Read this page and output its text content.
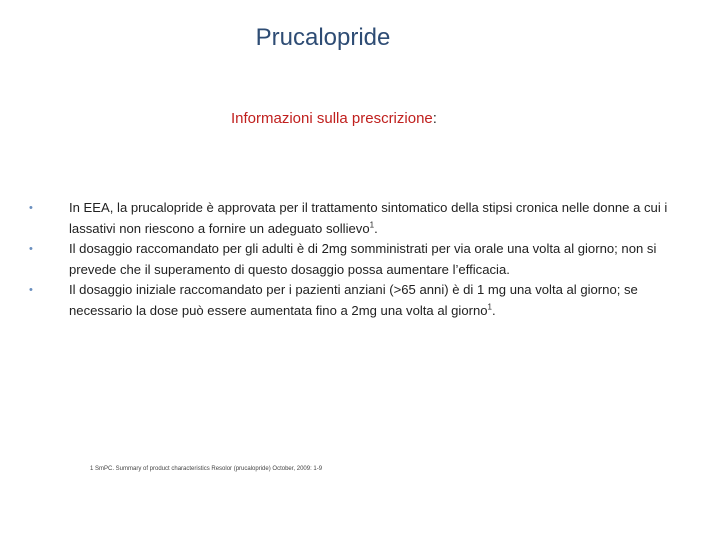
Prucalopride

Informazioni sulla prescrizione:

•	In EEA, la prucalopride è approvata per il trattamento sintomatico della stipsi cronica nelle donne a cui i lassativi non riescono a fornire un adeguato sollievo$^1$.
•	Il dosaggio raccomandato per gli adulti è di 2mg somministrati per via orale una volta al giorno; non si prevede che il superamento di questo dosaggio possa aumentare l’efficacia.
•	Il dosaggio iniziale raccomandato per i pazienti anziani (>65 anni) è di 1 mg una volta al giorno; se necessario la dose può essere aumentata fino a 2mg una volta al giorno$^1$.

1 SmPC. Summary of product characteristics Resolor (prucalopride) October, 2009: 1-9
